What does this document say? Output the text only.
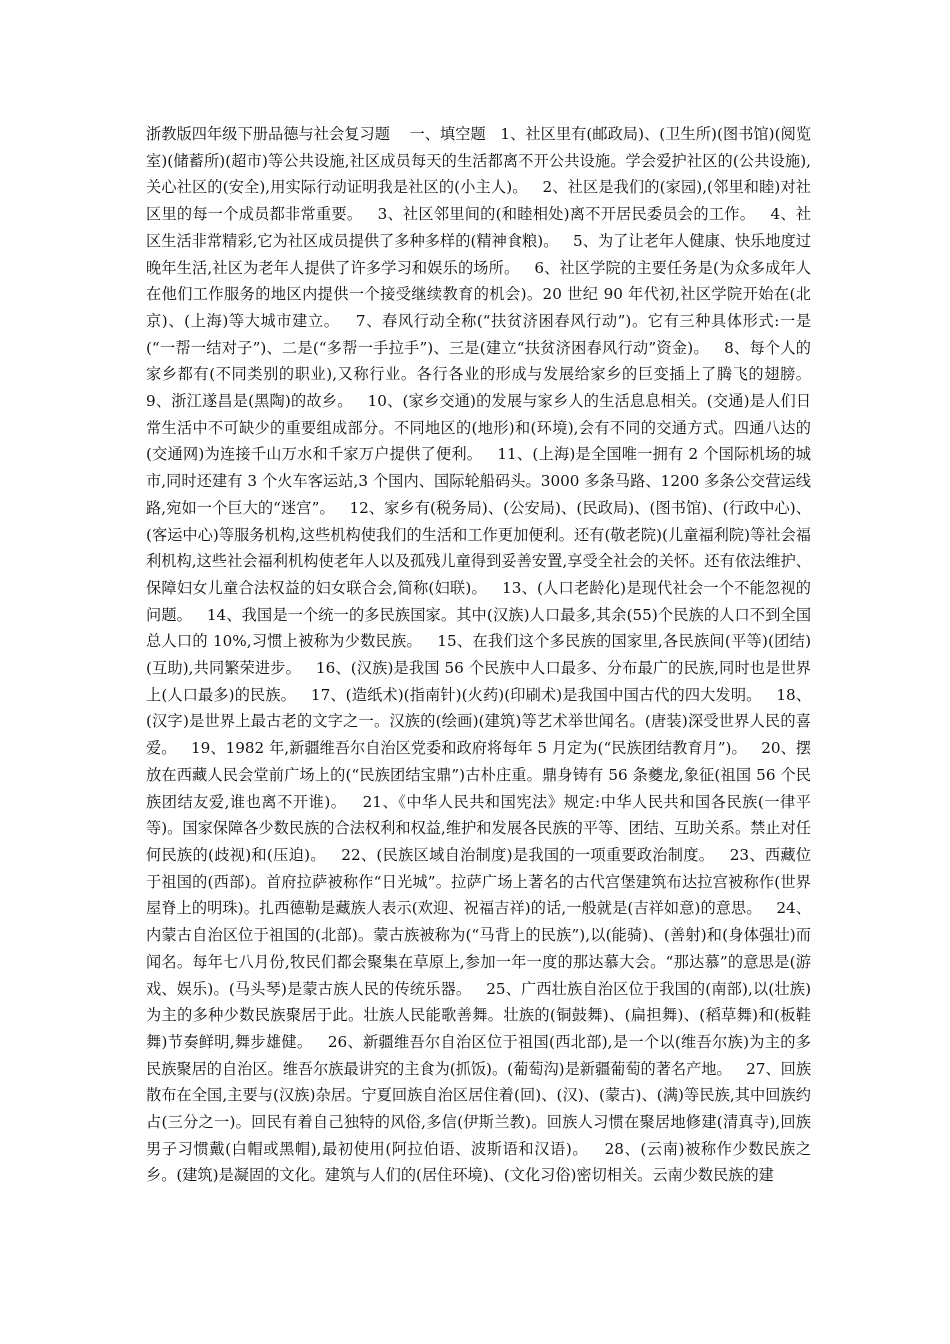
浙教版四年级下册品德与社会复习题 一、填空题 1、社区里有(邮政局)、(卫生所)(图书馆)(阅览室)(储蓄所)(超市)等公共设施,社区成员每天的生活都离不开公共设施。学会爱护社区的(公共设施),关心社区的(安全),用实际行动证明我是社区的(小主人)。 2、社区是我们的(家园),(邻里和睦)对社区里的每一个成员都非常重要。 3、社区邻里间的(和睦相处)离不开居民委员会的工作。 4、社区生活非常精彩,它为社区成员提供了多种多样的(精神食粮)。 5、为了让老年人健康、快乐地度过晚年生活,社区为老年人提供了许多学习和娱乐的场所。 6、社区学院的主要任务是(为众多成年人在他们工作服务的地区内提供一个接受继续教育的机会)。20 世纪 90 年代初,社区学院开始在(北京)、(上海)等大城市建立。 7、春风行动全称(“扶贫济困春风行动”)。它有三种具体形式:一是(“一帮一结对子”)、二是(“多帮一手拉手”)、三是(建立“扶贫济困春风行动”资金)。 8、每个人的家乡都有(不同类别的职业),又称行业。各行各业的形成与发展给家乡的巨变插上了腾飞的翅膀。   9、浙江遂昌是(黑陶)的故乡。 10、(家乡交通)的发展与家乡人的生活息息相关。(交通)是人们日常生活中不可缺少的重要组成部分。不同地区的(地形)和(环境),会有不同的交通方式。四通八达的(交通网)为连接千山万水和千家万户提供了便利。 11、(上海)是全国唯一拥有 2 个国际机场的城市,同时还建有 3 个火车客运站,3 个国内、国际轮船码头。3000 多条马路、1200 多条公交营运线路,宛如一个巨大的“迷宫”。 12、家乡有(税务局)、(公安局)、(民政局)、(图书馆)、(行政中心)、(客运中心)等服务机构,这些机构使我们的生活和工作更加便利。还有(敬老院)(儿童福利院)等社会福利机构,这些社会福利机构使老年人以及孤残儿童得到妥善安置,享受全社会的关怀。还有依法维护、保障妇女儿童合法权益的妇女联合会,简称(妇联)。 13、(人口老龄化)是现代社会一个不能忽视的问题。 14、我国是一个统一的多民族国家。其中(汉族)人口最多,其余(55)个民族的人口不到全国总人口的 10%,习惯上被称为少数民族。 15、在我们这个多民族的国家里,各民族间(平等)(团结)(互助),共同繁荣进步。 16、(汉族)是我国 56 个民族中人口最多、分布最广的民族,同时也是世界上(人口最多)的民族。 17、(造纸术)(指南针)(火药)(印刷术)是我国中国古代的四大发明。 18、(汉字)是世界上最古老的文字之一。汉族的(绘画)(建筑)等艺术举世闻名。(唐装)深受世界人民的喜爱。 19、1982 年,新疆维吾尔自治区党委和政府将每年 5 月定为(“民族团结教育月”)。 20、摆放在西藏人民会堂前广场上的(“民族团结宝鼎”)古朴庄重。鼎身铸有 56 条夔龙,象征(祖国 56 个民族团结友爱,谁也离不开谁)。 21、《中华人民共和国宪法》规定:中华人民共和国各民族(一律平等)。国家保障各少数民族的合法权利和权益,维护和发展各民族的平等、团结、互助关系。禁止对任何民族的(歧视)和(压迫)。 22、(民族区域自治制度)是我国的一项重要政治制度。 23、西藏位于祖国的(西部)。首府拉萨被称作“日光城”。拉萨广场上著名的古代宫堡建筑布达拉宫被称作(世界屋脊上的明珠)。扎西德勒是藏族人表示(欢迎、祝福吉祥)的话,一般就是(吉祥如意)的意思。 24、内蒙古自治区位于祖国的(北部)。蒙古族被称为(“马背上的民族”),以(能骑)、(善射)和(身体强壮)而闻名。每年七八月份,牧民们都会聚集在草原上,参加一年一度的那达慕大会。“那达慕”的意思是(游戏、娱乐)。(马头琴)是蒙古族人民的传统乐器。 25、广西壮族自治区位于我国的(南部),以(壮族)为主的多种少数民族聚居于此。壮族人民能歌善舞。壮族的(铜鼓舞)、(扁担舞)、(稻草舞)和(板鞋舞)节奏鲜明,舞步雄健。 26、新疆维吾尔自治区位于祖国(西北部),是一个以(维吾尔族)为主的多民族聚居的自治区。维吾尔族最讲究的主食为(抓饭)。(葡萄沟)是新疆葡萄的著名产地。 27、回族散布在全国,主要与(汉族)杂居。宁夏回族自治区居住着(回)、(汉)、(蒙古)、(满)等民族,其中回族约占(三分之一)。回民有着自己独特的风俗,多信(伊斯兰教)。回族人习惯在聚居地修建(清真寺),回族男子习惯戴(白帽或黑帽),最初使用(阿拉伯语、波斯语和汉语)。 28、(云南)被称作少数民族之乡。(建筑)是凝固的文化。建筑与人们的(居住环境)、(文化习俗)密切相关。云南少数民族的建
